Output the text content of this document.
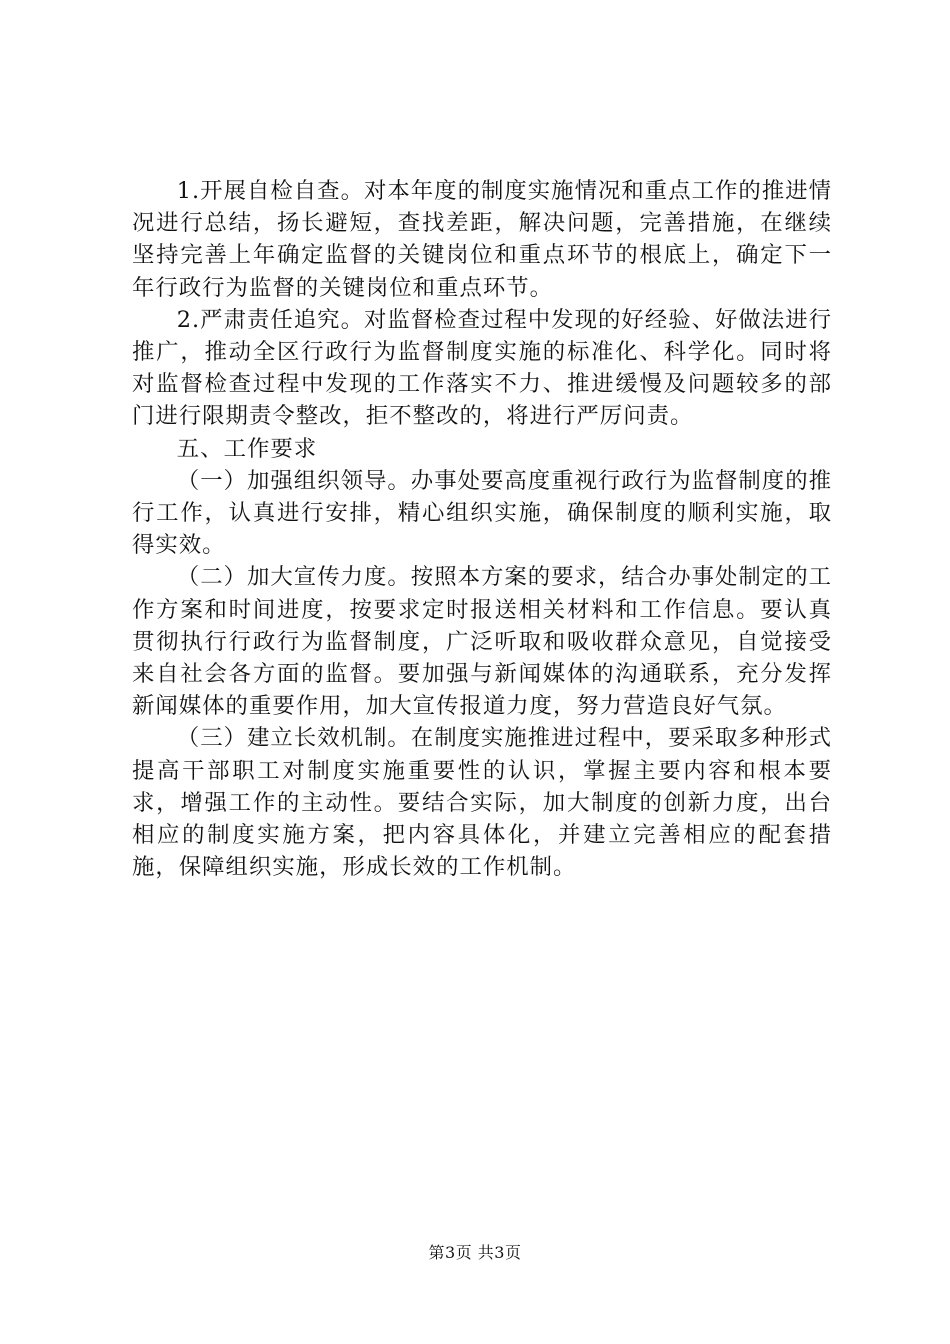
1.开展自检自查。对本年度的制度实施情况和重点工作的推进情况进行总结，扬长避短，查找差距，解决问题，完善措施，在继续坚持完善上年确定监督的关键岗位和重点环节的根底上，确定下一年行政行为监督的关键岗位和重点环节。

2.严肃责任追究。对监督检查过程中发现的好经验、好做法进行推广，推动全区行政行为监督制度实施的标准化、科学化。同时将对监督检查过程中发现的工作落实不力、推进缓慢及问题较多的部门进行限期责令整改，拒不整改的，将进行严厉问责。

五、工作要求

（一）加强组织领导。办事处要高度重视行政行为监督制度的推行工作，认真进行安排，精心组织实施，确保制度的顺利实施，取得实效。

（二）加大宣传力度。按照本方案的要求，结合办事处制定的工作方案和时间进度，按要求定时报送相关材料和工作信息。要认真贯彻执行行政行为监督制度，广泛听取和吸收群众意见，自觉接受来自社会各方面的监督。要加强与新闻媒体的沟通联系，充分发挥新闻媒体的重要作用，加大宣传报道力度，努力营造良好气氛。

（三）建立长效机制。在制度实施推进过程中，要采取多种形式提高干部职工对制度实施重要性的认识，掌握主要内容和根本要求，增强工作的主动性。要结合实际，加大制度的创新力度，出台相应的制度实施方案，把内容具体化，并建立完善相应的配套措施，保障组织实施，形成长效的工作机制。

第3页 共3页
